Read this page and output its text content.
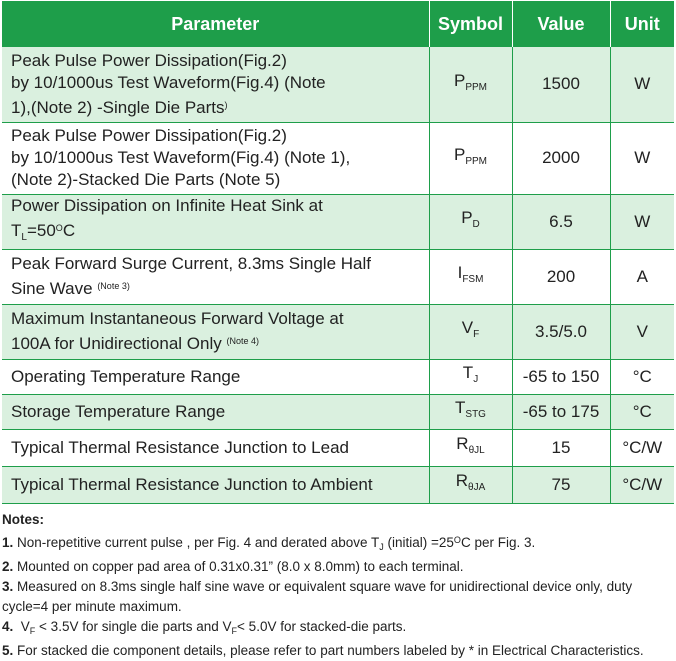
Parameter	Symbol	Value	Unit

Peak Pulse Power Dissipation(Fig.2)
by 10/1000us Test Waveform(Fig.4) (Note
1),(Note 2) -Single Die Parts)	$P_{PPM}$	1500	W

Peak Pulse Power Dissipation(Fig.2)
by 10/1000us Test Waveform(Fig.4) (Note 1),
(Note 2)-Stacked Die Parts (Note 5)	$P_{PPM}$	2000	W

Power Dissipation on Infinite Heat Sink at
$T_L=50^OC$	$P_D$	6.5	W

Peak Forward Surge Current, 8.3ms Single Half
Sine Wave $^{(Note 3)}$	$I_{FSM}$	200	A

Maximum Instantaneous Forward Voltage at
100A for Unidirectional Only $^{(Note 4)}$	$V_F$	3.5/5.0	V
Operating Temperature Range	$T_J$	-65 to 150	°C
Storage Temperature Range	$T_{STG}$	-65 to 175	°C
Typical Thermal Resistance Junction to Lead	$R_{\theta JL}$	15	°C/W
Typical Thermal Resistance Junction to Ambient	$R_{\theta JA}$	75	°C/W
Notes:
1. Non-repetitive current pulse , per Fig. 4 and derated above $T_J$ (initial) $=25^OC$ per Fig. 3.
2. Mounted on copper pad area of 0.31x0.31” (8.0 x 8.0mm) to each terminal.
3. Measured on 8.3ms single half sine wave or equivalent square wave for unidirectional device only, duty
cycle=4 per minute maximum.
4. $V_F < 3.5V$ for single die parts and $V_F< 5.0V$ for stacked-die parts.
5. For stacked die component details, please refer to part numbers labeled by * in Electrical Characteristics.
